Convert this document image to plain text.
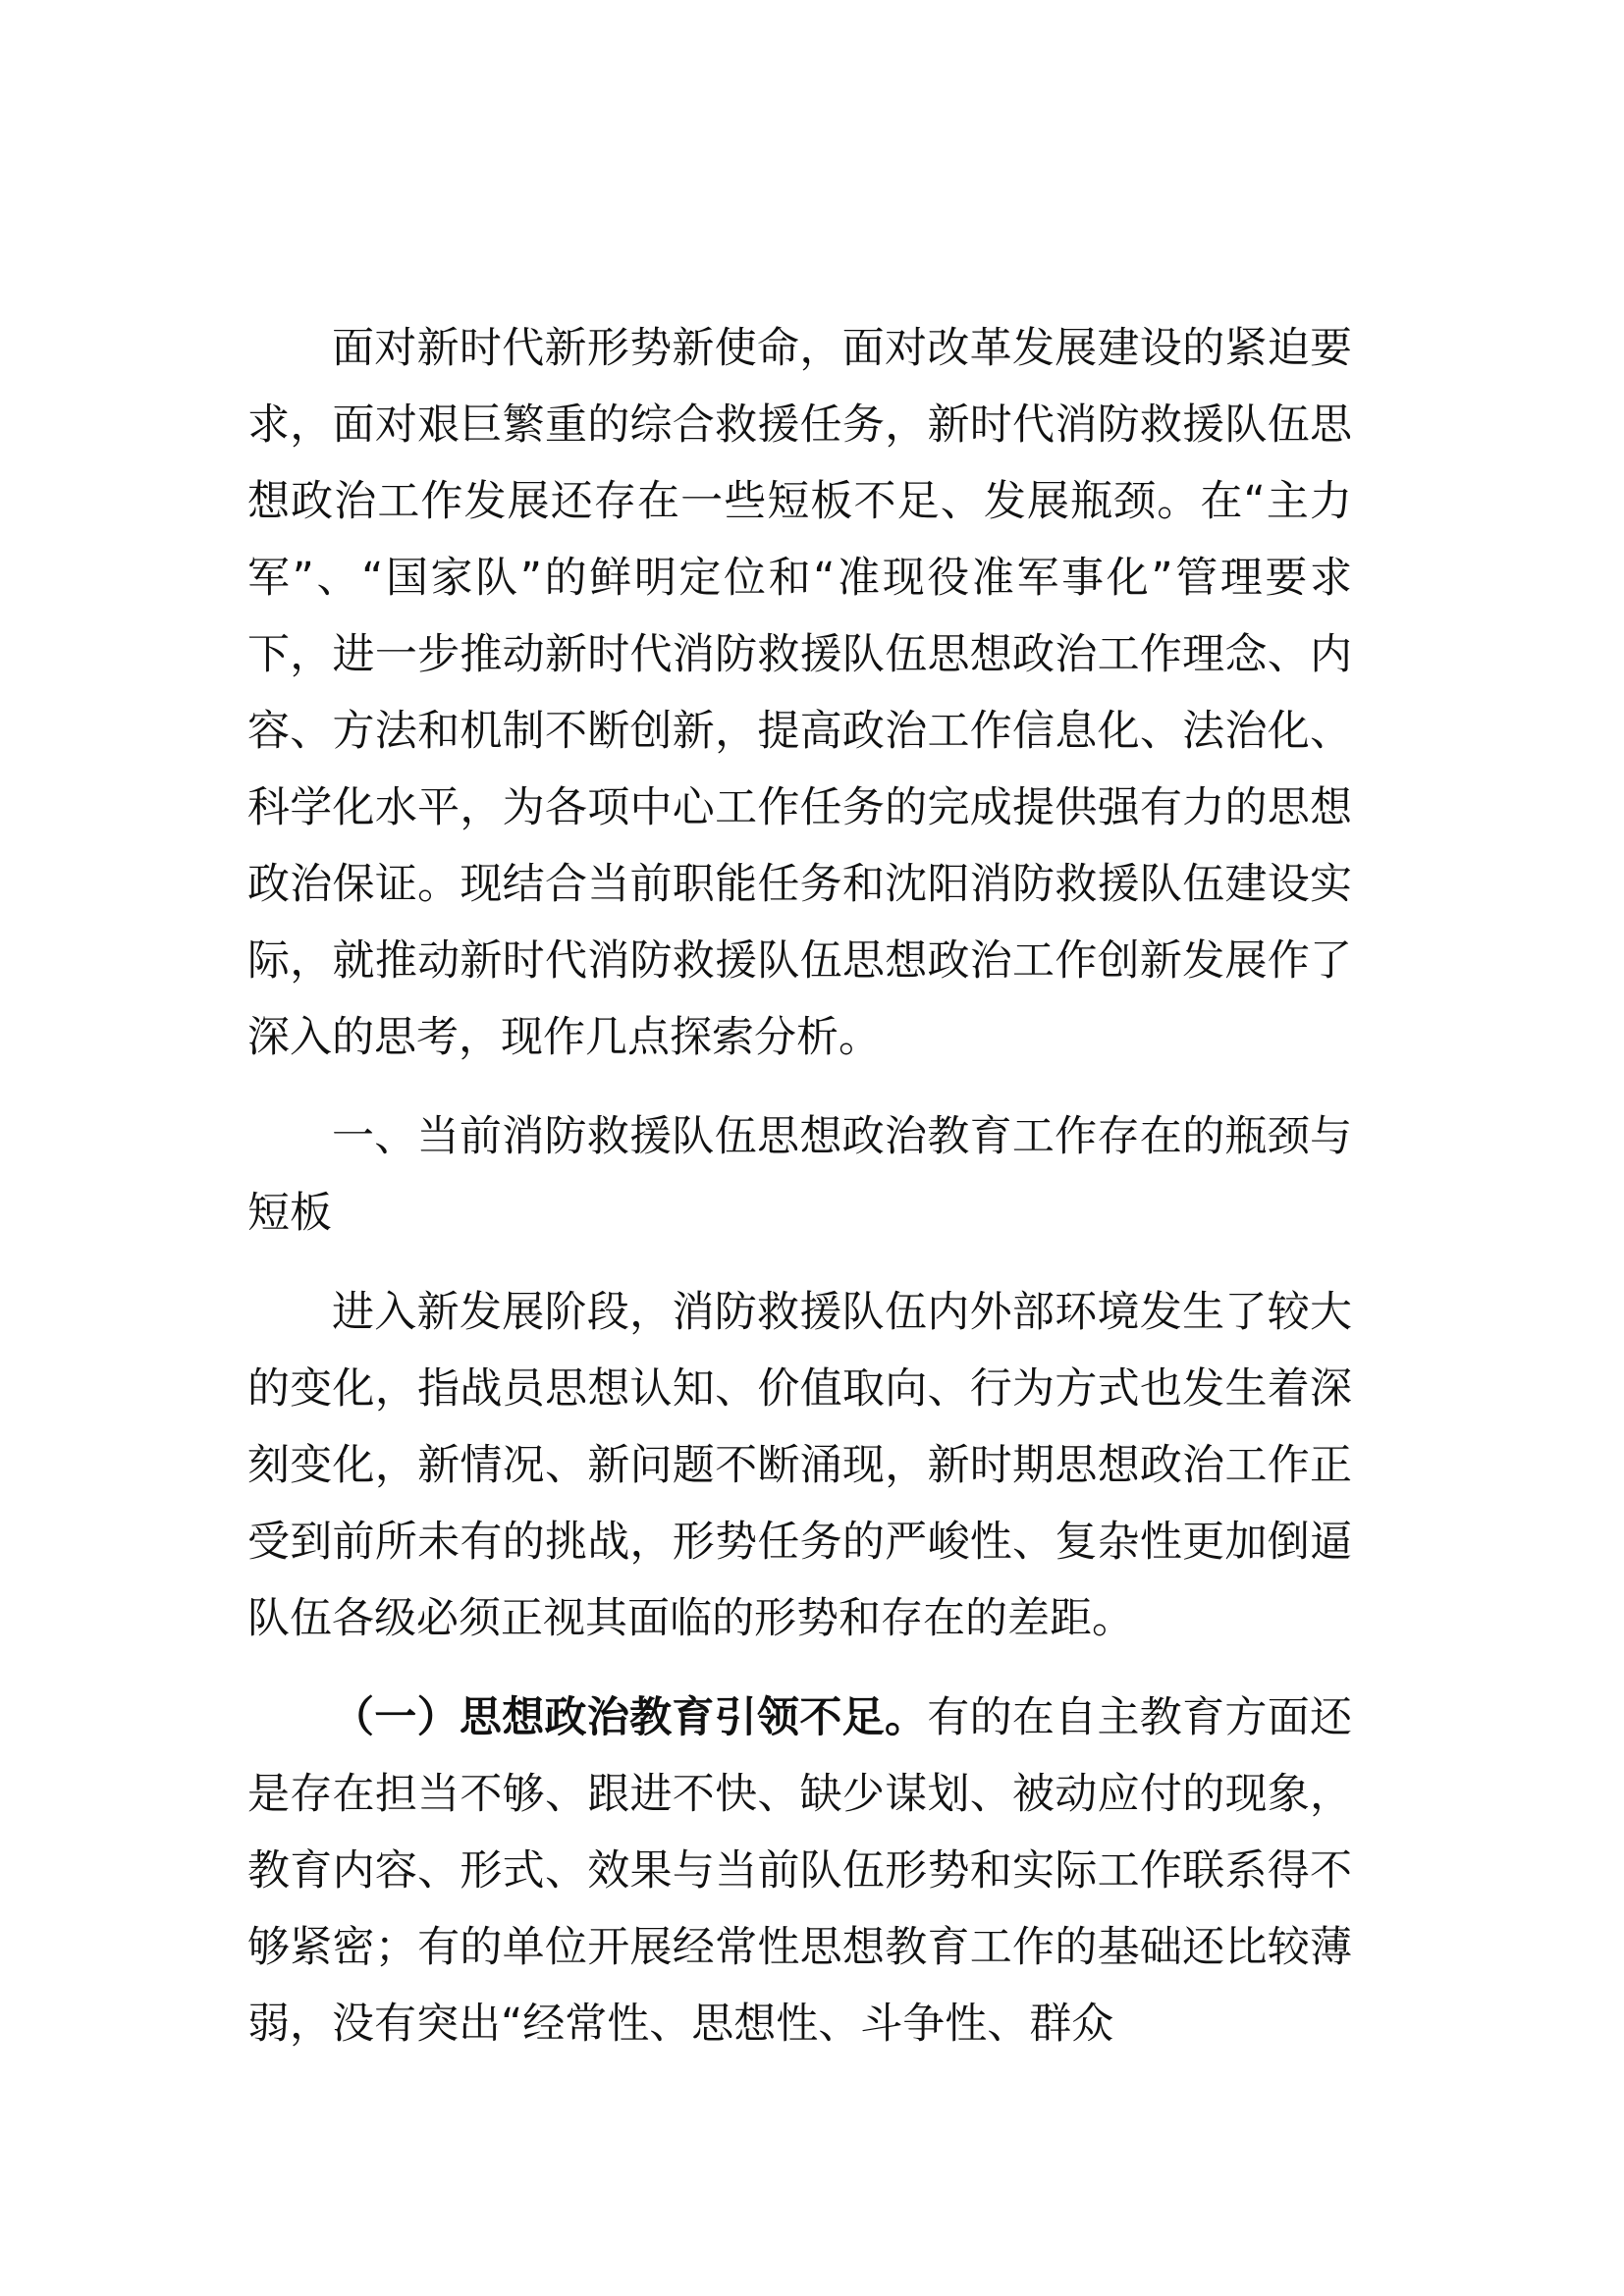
面对新时代新形势新使命，面对改革发展建设的紧迫要求，面对艰巨繁重的综合救援任务，新时代消防救援队伍思想政治工作发展还存在一些短板不足、发展瓶颈。在“主力军”、“国家队”的鲜明定位和“准现役准军事化”管理要求下，进一步推动新时代消防救援队伍思想政治工作理念、内容、方法和机制不断创新，提高政治工作信息化、法治化、科学化水平，为各项中心工作任务的完成提供强有力的思想政治保证。现结合当前职能任务和沈阳消防救援队伍建设实际，就推动新时代消防救援队伍思想政治工作创新发展作了深入的思考，现作几点探索分析。

一、当前消防救援队伍思想政治教育工作存在的瓶颈与短板

进入新发展阶段，消防救援队伍内外部环境发生了较大的变化，指战员思想认知、价值取向、行为方式也发生着深刻变化，新情况、新问题不断涌现，新时期思想政治工作正受到前所未有的挑战，形势任务的严峻性、复杂性更加倒逼队伍各级必须正视其面临的形势和存在的差距。

（一）思想政治教育引领不足。有的在自主教育方面还是存在担当不够、跟进不快、缺少谋划、被动应付的现象，教育内容、形式、效果与当前队伍形势和实际工作联系得不够紧密；有的单位开展经常性思想教育工作的基础还比较薄弱，没有突出“经常性、思想性、斗争性、群众
